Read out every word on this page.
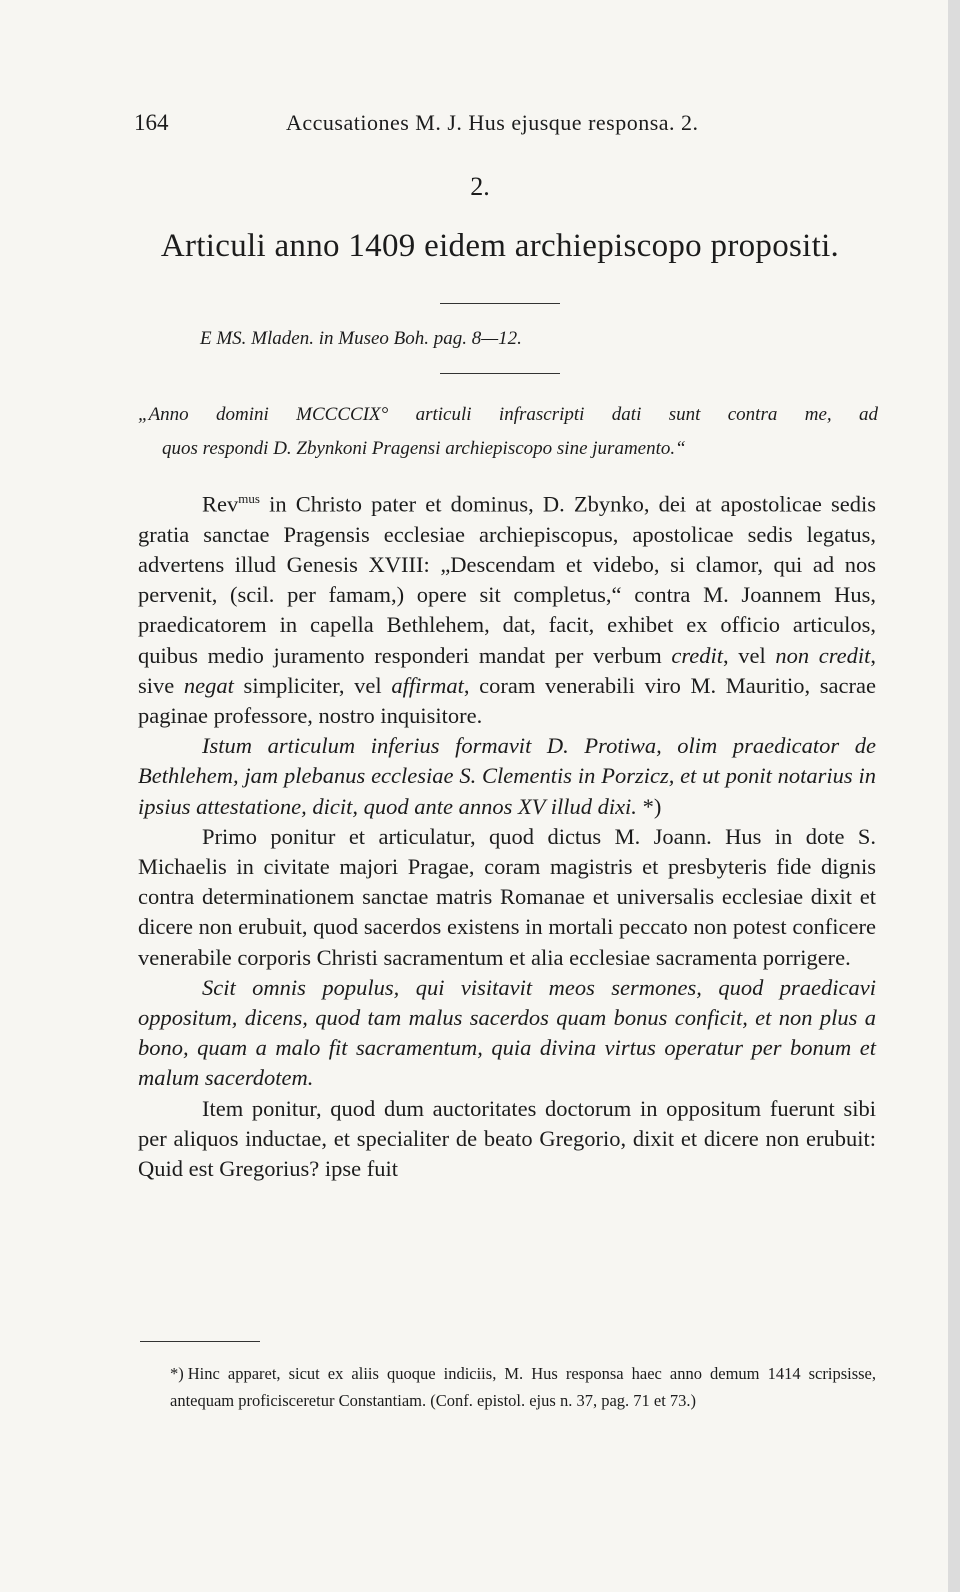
164	Accusationes M. J. Hus ejusque responsa. 2.
2.
Articuli anno 1409 eidem archiepiscopo propositi.
E MS. Mladen. in Museo Boh. pag. 8—12.
„Anno domini MCCCCIX° articuli infrascripti dati sunt contra me, ad
quos respondi D. Zbynkoni Pragensi archiepiscopo sine juramento.“

Rev$^{mus}$ in Christo pater et dominus, D. Zbynko, dei at apostolicae sedis gratia sanctae Pragensis ecclesiae archiepiscopus, apostolicae sedis legatus, advertens illud Genesis XVIII: „Descendam et videbo, si clamor, qui ad nos pervenit, (scil. per famam,) opere sit completus,“ contra M. Joannem Hus, praedicatorem in capella Bethlehem, dat, facit, exhibet ex officio articulos, quibus medio juramento responderi mandat per verbum credit, vel non credit, sive negat simpliciter, vel affirmat, coram venerabili viro M. Mauritio, sacrae paginae professore, nostro inquisitore.

Istum articulum inferius formavit D. Protiwa, olim praedicator de Bethlehem, jam plebanus ecclesiae S. Clementis in Porzicz, et ut ponit notarius in ipsius attestatione, dicit, quod ante annos XV illud dixi. *)

Primo ponitur et articulatur, quod dictus M. Joann. Hus in dote S. Michaelis in civitate majori Pragae, coram magistris et presbyteris fide dignis contra determinationem sanctae matris Romanae et universalis ecclesiae dixit et dicere non erubuit, quod sacerdos existens in mortali peccato non potest conficere venerabile corporis Christi sacramentum et alia ecclesiae sacramenta porrigere.

Scit omnis populus, qui visitavit meos sermones, quod praedicavi oppositum, dicens, quod tam malus sacerdos quam bonus conficit, et non plus a bono, quam a malo fit sacramentum, quia divina virtus operatur per bonum et malum sacerdotem.

Item ponitur, quod dum auctoritates doctorum in oppositum fuerunt sibi per aliquos inductae, et specialiter de beato Gregorio, dixit et dicere non erubuit: Quid est Gregorius? ipse fuit

*) Hinc apparet, sicut ex aliis quoque indiciis, M. Hus responsa haec anno demum 1414 scripsisse, antequam proficisceretur Constantiam. (Conf. epistol. ejus n. 37, pag. 71 et 73.)
